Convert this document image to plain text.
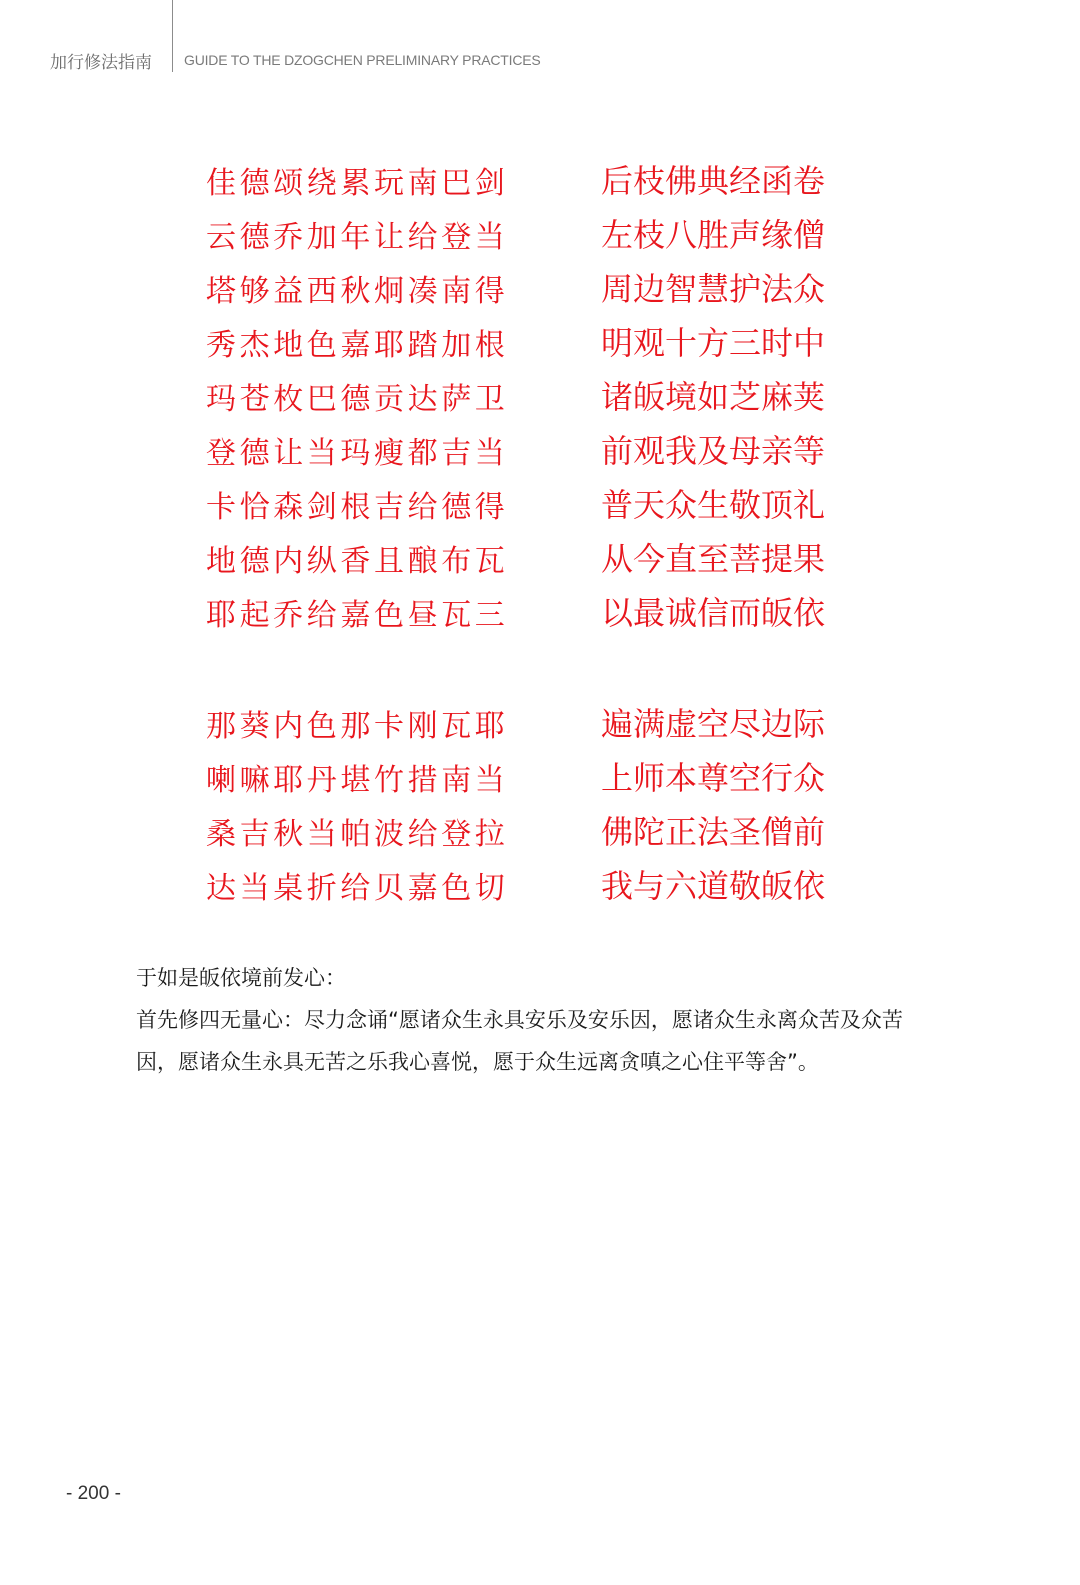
加行修法指南 GUIDE TO THE DZOGCHEN PRELIMINARY PRACTICES
佳德颂绕累玩南巴剑	后枝佛典经函卷
云德乔加年让给登当	左枝八胜声缘僧
塔够益西秋炯凑南得	周边智慧护法众
秀杰地色嘉耶踏加根	明观十方三时中
玛苍枚巴德贡达萨卫	诸皈境如芝麻荚
登德让当玛瘦都吉当	前观我及母亲等
卡恰森剑根吉给德得	普天众生敬顶礼
地德内纵香且酿布瓦	从今直至菩提果
耶起乔给嘉色昼瓦三	以最诚信而皈依
那葵内色那卡刚瓦耶	遍满虚空尽边际
喇嘛耶丹堪竹措南当	上师本尊空行众
桑吉秋当帕波给登拉	佛陀正法圣僧前
达当桌折给贝嘉色切	我与六道敬皈依

于如是皈依境前发心：

首先修四无量心：尽力念诵“愿诸众生永具安乐及安乐因，愿诸众生永离众苦及众苦因，愿诸众生永具无苦之乐我心喜悦，愿于众生远离贪嗔之心住平等舍”。

- 200 -
